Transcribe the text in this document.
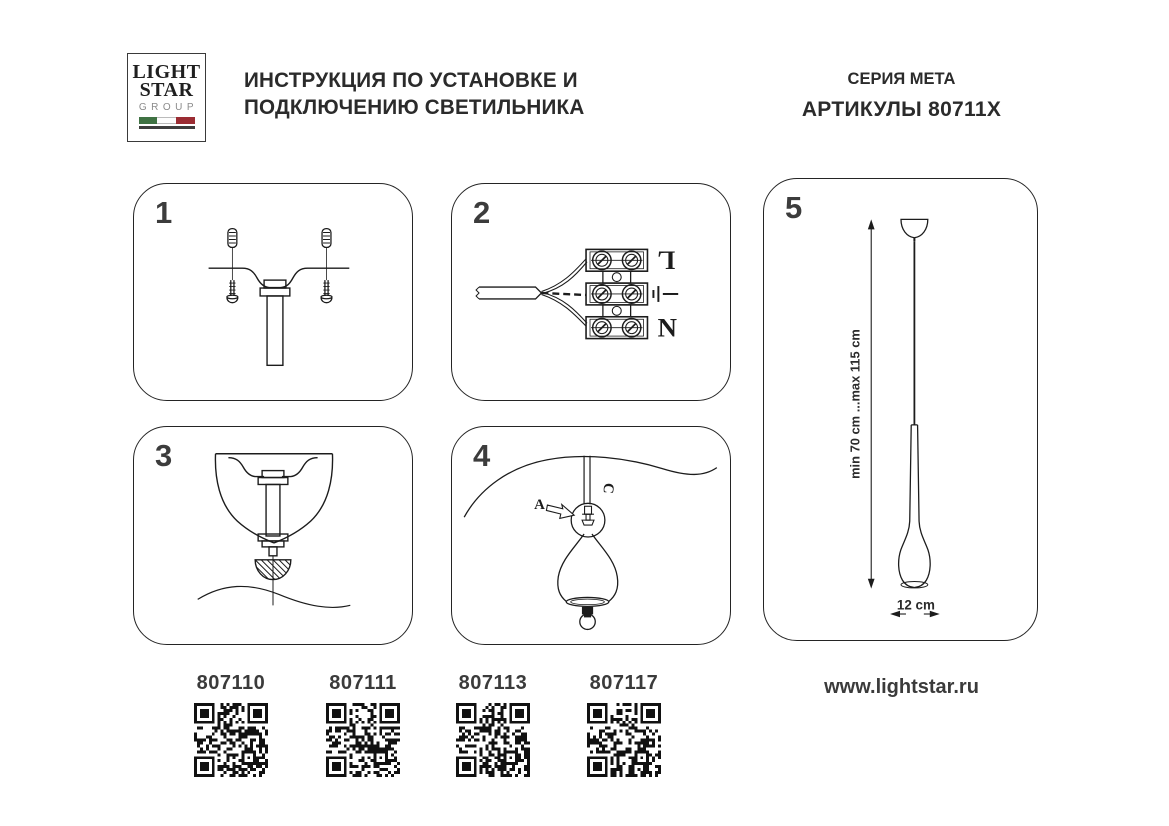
LIGHT
STAR
GROUP
ИНСТРУКЦИЯ ПО УСТАНОВКЕ И
ПОДКЛЮЧЕНИЮ СВЕТИЛЬНИКА
СЕРИЯ МЕТА
АРТИКУЛЫ 80711X
1
L
N
2
3
A
C
4	min 70 cm ...max 115 cm
12 cm
5
807110	807111	807113	807117	www.lightstar.ru
